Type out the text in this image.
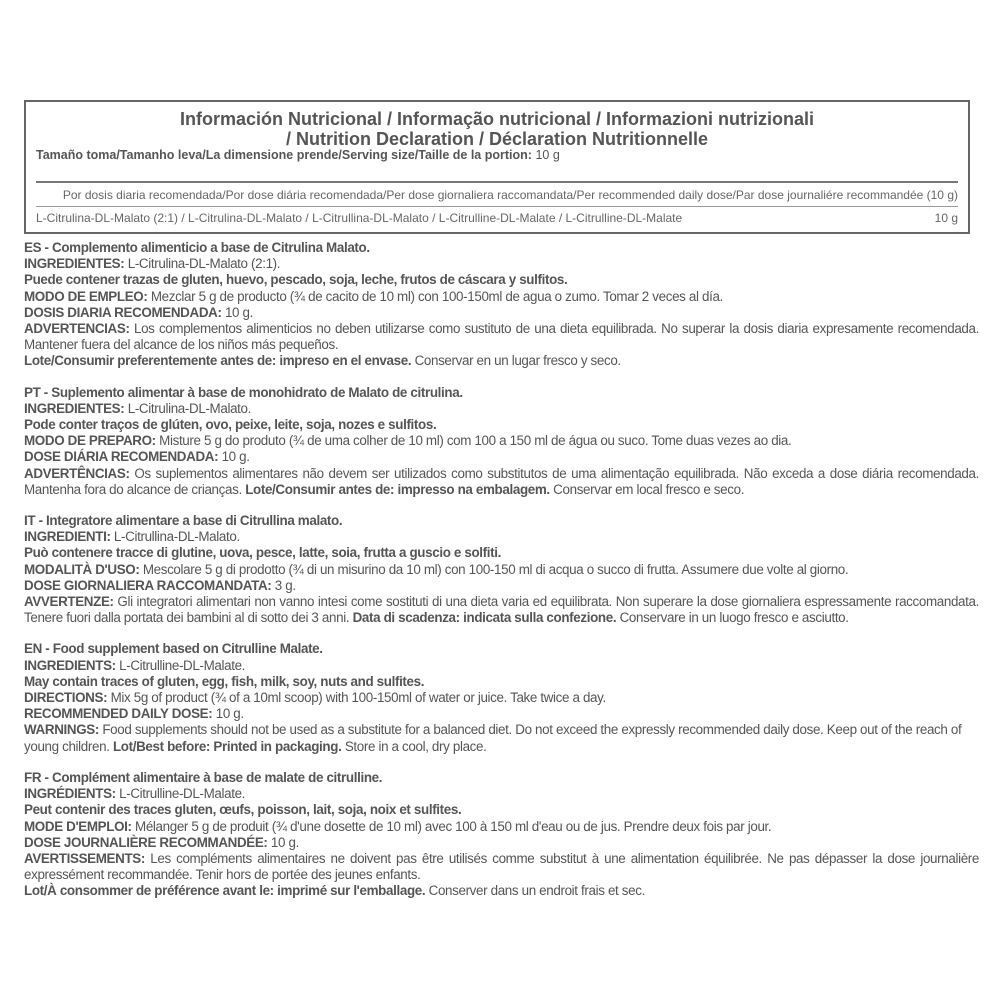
Información Nutricional / Informação nutricional / Informazioni nutrizionali
/ Nutrition Declaration / Déclaration Nutritionnelle
Tamaño toma/Tamanho leva/La dimensione prende/Serving size/Taille de la portion: 10 g
Por dosis diaria recomendada/Por dose diária recomendada/Per dose giornaliera raccomandata/Per recommended daily dose/Par dose journaliére recommandée (10 g)
L-Citrulina-DL-Malato (2:1) / L-Citrulina-DL-Malato / L-Citrullina-DL-Malato / L-Citrulline-DL-Malate / L-Citrulline-DL-Malate	10 g

ES - Complemento alimenticio a base de Citrulina Malato.

INGREDIENTES: L-Citrulina-DL-Malato (2:1).

Puede contener trazas de gluten, huevo, pescado, soja, leche, frutos de cáscara y sulfitos.

MODO DE EMPLEO: Mezclar 5 g de producto (¾ de cacito de 10 ml) con 100-150ml de agua o zumo. Tomar 2 veces al día.

DOSIS DIARIA RECOMENDADA: 10 g.

ADVERTENCIAS: Los complementos alimenticios no deben utilizarse como sustituto de una dieta equilibrada. No superar la dosis diaria expresamente recomendada. Mantener fuera del alcance de los niños más pequeños.

Lote/Consumir preferentemente antes de: impreso en el envase. Conservar en un lugar fresco y seco.

PT - Suplemento alimentar à base de monohidrato de Malato de citrulina.

INGREDIENTES: L-Citrulina-DL-Malato.

Pode conter traços de glúten, ovo, peixe, leite, soja, nozes e sulfitos.

MODO DE PREPARO: Misture 5 g do produto (¾ de uma colher de 10 ml) com 100 a 150 ml de água ou suco. Tome duas vezes ao dia.

DOSE DIÁRIA RECOMENDADA: 10 g.

ADVERTÊNCIAS: Os suplementos alimentares não devem ser utilizados como substitutos de uma alimentação equilibrada. Não exceda a dose diária recomendada. Mantenha fora do alcance de crianças. Lote/Consumir antes de: impresso na embalagem. Conservar em local fresco e seco.

IT - Integratore alimentare a base di Citrullina malato.

INGREDIENTI: L-Citrullina-DL-Malato.

Può contenere tracce di glutine, uova, pesce, latte, soia, frutta a guscio e solfiti.

MODALITÀ D'USO: Mescolare 5 g di prodotto (¾ di un misurino da 10 ml) con 100-150 ml di acqua o succo di frutta. Assumere due volte al giorno.

DOSE GIORNALIERA RACCOMANDATA: 3 g.

AVVERTENZE: Gli integratori alimentari non vanno intesi come sostituti di una dieta varia ed equilibrata. Non superare la dose giornaliera espressamente raccomandata. Tenere fuori dalla portata dei bambini al di sotto dei 3 anni. Data di scadenza: indicata sulla confezione. Conservare in un luogo fresco e asciutto.

EN - Food supplement based on Citrulline Malate.

INGREDIENTS: L-Citrulline-DL-Malate.

May contain traces of gluten, egg, fish, milk, soy, nuts and sulfites.

DIRECTIONS: Mix 5g of product (¾ of a 10ml scoop) with 100-150ml of water or juice. Take twice a day.

RECOMMENDED DAILY DOSE: 10 g.

WARNINGS: Food supplements should not be used as a substitute for a balanced diet. Do not exceed the expressly recommended daily dose. Keep out of the reach of young children. Lot/Best before: Printed in packaging. Store in a cool, dry place.

FR - Complément alimentaire à base de malate de citrulline.

INGRÉDIENTS: L-Citrulline-DL-Malate.

Peut contenir des traces gluten, œufs, poisson, lait, soja, noix et sulfites.

MODE D'EMPLOI: Mélanger 5 g de produit (¾ d'une dosette de 10 ml) avec 100 à 150 ml d'eau ou de jus. Prendre deux fois par jour.

DOSE JOURNALIÈRE RECOMMANDÉE: 10 g.

AVERTISSEMENTS: Les compléments alimentaires ne doivent pas être utilisés comme substitut à une alimentation équilibrée. Ne pas dépasser la dose journalière expressément recommandée. Tenir hors de portée des jeunes enfants.

Lot/À consommer de préférence avant le: imprimé sur l'emballage. Conserver dans un endroit frais et sec.
